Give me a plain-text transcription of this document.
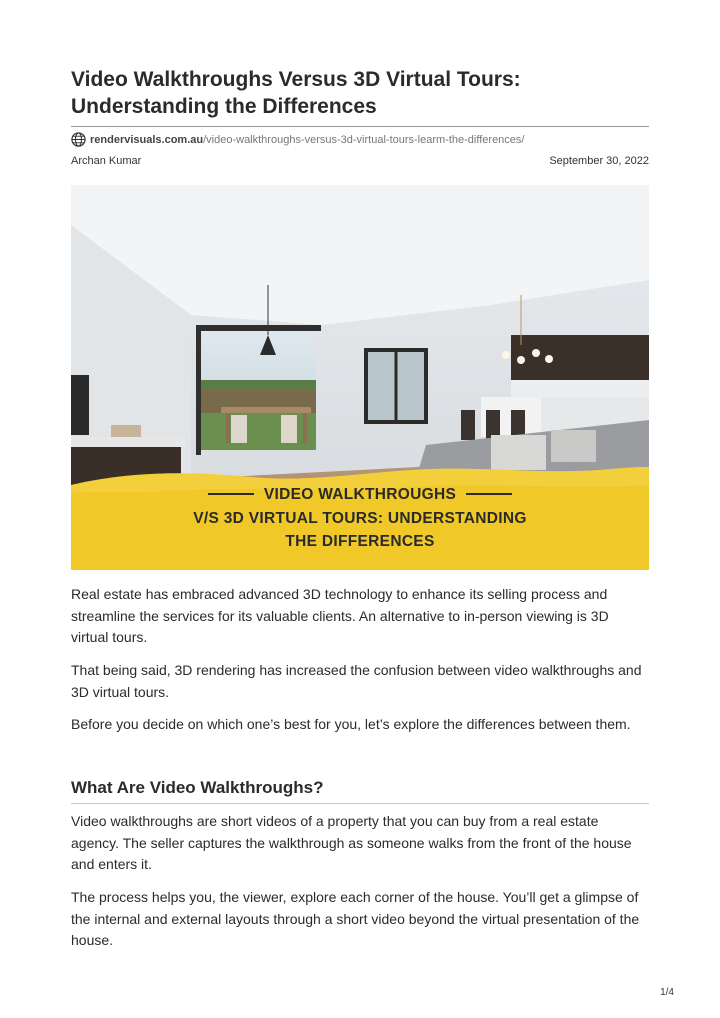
Video Walkthroughs Versus 3D Virtual Tours: Understanding the Differences
rendervisuals.com.au/video-walkthroughs-versus-3d-virtual-tours-learm-the-differences/
Archan Kumar	September 30, 2022
VIDEO WALKTHROUGHS
V/S 3D VIRTUAL TOURS: UNDERSTANDING
THE DIFFERENCES

Real estate has embraced advanced 3D technology to enhance its selling process and streamline the services for its valuable clients. An alternative to in-person viewing is 3D virtual tours.

That being said, 3D rendering has increased the confusion between video walkthroughs and 3D virtual tours.

Before you decide on which one’s best for you, let’s explore the differences between them.

What Are Video Walkthroughs?

Video walkthroughs are short videos of a property that you can buy from a real estate agency. The seller captures the walkthrough as someone walks from the front of the house and enters it.

The process helps you, the viewer, explore each corner of the house. You’ll get a glimpse of the internal and external layouts through a short video beyond the virtual presentation of the house.

1/4
